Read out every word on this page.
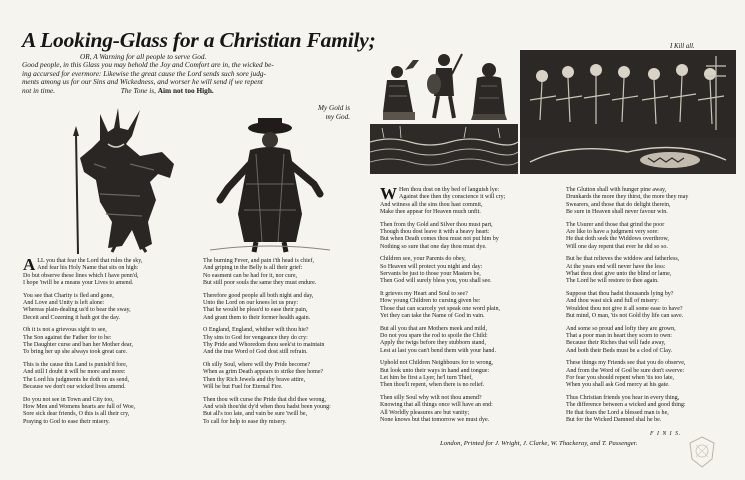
A Looking-Glass for a Christian Family;
OR, A Warning for all people to serve God.
Good people, in this Glass you may behold the Joy and Comfort are in, the wicked be-
ing accursed for evermore: Likewise the great cause the Lord sends such sore judg-
ments among us for our Sins and Wickedness, and worser he will send if we repent
not in time.                                    The Tone is, Aim not too High.
My Gold is
my God.
I Kill all.
A LL you that fear the Lord that rules the sky,
And fear his Holy Name that sits on high:
Do but observe these lines which I have penn'd,
I hope 'twill be a means your Lives to amend.
You see that Charity is fled and gone,
And Love and Unity is left alone:
Whereas plain-dealing us'd to bear the sway,
Deceit and Cozening it hath got the day.
Oh it is not a grievous sight to see,
The Son against the Father for to be:
The Daughter curse and ban her Mother dear,
To bring her up she always took great care.
This is the cause this Land is punish'd fore,
And still I doubt it will be more and more:
The Lord his judgments he doth on us send,
Because we don't our wicked lives amend.
Do you not see in Town and City too,
How Men and Womens hearts are full of Woe,
Sore sick dear friends, O this is all their cry,
Praying to God to ease their misery.
The burning Fever, and pain i'th head is chief,
And griping in the Belly is all their grief:
No easment can be had for it, nor cure,
But still poor souls the same they must endure.
Therefore good people all both night and day,
Unto the Lord on our knees let us pray:
That he would be pleas'd to ease their pain,
And grant them to their former health again.
O England, England, whither wilt thou hie?
Thy sins to God for vengeance they do cry:
Thy Pride and Whoredom thou seek'st to maintain
And the true Word of God dost still refrain.
Oh silly Soul, where will thy Pride become?
When as grim Death appears to strike thee home?
Then thy Rich Jewels and thy brave attire,
Will be but Fuel for Eternal Fire.
Then thou wilt curse the Pride that did thee wrong,
And wish thou'dst dy'd when thou hadst been young:
But all's too late, and vain be sure 'twill be,
To call for help to ease thy misery.
W Hen thou dost on thy bed of languish lye:
Against thee then thy conscience it will cry;
And witness all the sins thou hast commit,
Make thee appear for Heaven much unfit.
Then from thy Gold and Silver thou must part,
Though thou dost leave it with a heavy heart:
But when Death comes thou must not put him by
Nothing so sure that one day thou must dye.
Children see, your Parents do obey,
So Heaven will protect you night and day:
Servants be just to those your Masters be,
Then God will surely bless you, you shall see.
It grieves my Heart and Soul to see?
How young Children to cursing given be:
Those that can scarcely yet speak one word plain,
Yet they can take the Name of God in vain.
But all you that are Mothers meek and mild,
Do not you spare the rod to spoile the Child:
Apply the twigs before they stubborn stand,
Lest at last you can't bend them with your hand.
Uphold not Children Neighbours for to wrong,
But look unto their ways in hand and tongue:
Let him be first a Lyer, he'l turn Thief,
Then thou'lt repent, when there is no relief.
Then silly Soul why wilt not thou amend?
Knowing that all things once will have an end:
All Worldly pleasures are but vanity;
None knows but that tomorrow we must dye.
The Glutton shall with hunger pine away,
Drunkards the more they thirst, the more they may
Swearers, and those that do delight therein,
Be sure in Heaven shall never favour win.
The Usurer and those that grind the poor
Are like to have a judgment very sore:
He that doth seek the Widdows overthrow,
Will one day repent that ever he did so so.
But he that relieves the widdow and fatherless,
At the years end will never have the less:
What thou dost give unto the blind or lame,
The Lord he will restore to thee again.
Suppose that thou hadst thousands lying by?
And thou wast sick and full of misery:
Wouldest thou not give it all some ease to have?
But mind, O man, 'tis not Gold thy life can save.
And some so proud and lofty they are grown,
That a poor man in heart they scorn to own:
Because their Riches that will fade away,
And both their Beds must be a clod of Clay.
These things my Friends see that you do observe,
And from the Word of God be sure don't swerve:
For fear you should repent when 'tis too late,
When you shall ask God mercy at his gate.
Thus Christian friends you hear in every thing,
The difference between a wicked and good thing:
He that fears the Lord a blessed man is he,
But for the Wicked Damned shal he be.
F I N I S.
London, Printed for J. Wright, J. Clarke, W. Thackeray, and T. Passenger.
